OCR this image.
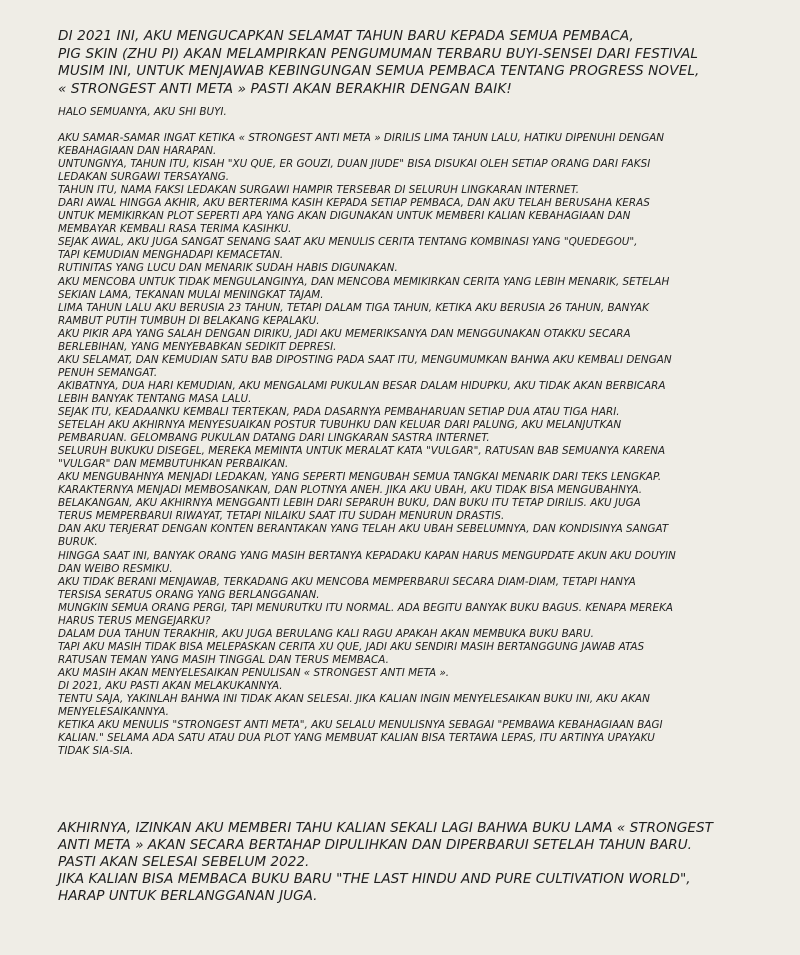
DI 2021 INI, AKU MENGUCAPKAN SELAMAT TAHUN BARU KEPADA SEMUA PEMBACA,

PIG SKIN (ZHU PI) AKAN MELAMPIRKAN PENGUMUMAN TERBARU BUYI-SENSEI DARI FESTIVAL

MUSIM INI, UNTUK MENJAWAB KEBINGUNGAN SEMUA PEMBACA TENTANG PROGRESS NOVEL,

« STRONGEST ANTI META » PASTI AKAN BERAKHIR DENGAN BAIK!

HALO SEMUANYA, AKU SHI BUYI.

AKU SAMAR-SAMAR INGAT KETIKA « STRONGEST ANTI META » DIRILIS LIMA TAHUN LALU, HATIKU DIPENUHI DENGAN

KEBAHAGIAAN DAN HARAPAN.

UNTUNGNYA, TAHUN ITU, KISAH "XU QUE, ER GOUZI, DUAN JIUDE" BISA DISUKAI OLEH SETIAP ORANG DARI FAKSI

LEDAKAN SURGAWI TERSAYANG.

TAHUN ITU, NAMA FAKSI LEDAKAN SURGAWI HAMPIR TERSEBAR DI SELURUH LINGKARAN INTERNET.

DARI AWAL HINGGA AKHIR, AKU BERTERIMA KASIH KEPADA SETIAP PEMBACA, DAN AKU TELAH BERUSAHA KERAS

UNTUK MEMIKIRKAN PLOT SEPERTI APA YANG AKAN DIGUNAKAN UNTUK MEMBERI KALIAN KEBAHAGIAAN DAN

MEMBAYAR KEMBALI RASA TERIMA KASIHKU.

SEJAK AWAL, AKU JUGA SANGAT SENANG SAAT AKU MENULIS CERITA TENTANG KOMBINASI YANG "QUEDEGOU",

TAPI KEMUDIAN MENGHADAPI KEMACETAN.

RUTINITAS YANG LUCU DAN MENARIK SUDAH HABIS DIGUNAKAN.

AKU MENCOBA UNTUK TIDAK MENGULANGINYA, DAN MENCOBA MEMIKIRKAN CERITA YANG LEBIH MENARIK, SETELAH

SEKIAN LAMA, TEKANAN MULAI MENINGKAT TAJAM.

LIMA TAHUN LALU AKU BERUSIA 23 TAHUN, TETAPI DALAM TIGA TAHUN, KETIKA AKU BERUSIA 26 TAHUN, BANYAK

RAMBUT PUTIH TUMBUH DI BELAKANG KEPALAKU.

AKU PIKIR APA YANG SALAH DENGAN DIRIKU, JADI AKU MEMERIKSANYA DAN MENGGUNAKAN OTAKKU SECARA

BERLEBIHAN, YANG MENYEBABKAN SEDIKIT DEPRESI.

AKU SELAMAT, DAN KEMUDIAN SATU BAB DIPOSTING PADA SAAT ITU, MENGUMUMKAN BAHWA AKU KEMBALI DENGAN

PENUH SEMANGAT.

AKIBATNYA, DUA HARI KEMUDIAN, AKU MENGALAMI PUKULAN BESAR DALAM HIDUPKU, AKU TIDAK AKAN BERBICARA

LEBIH BANYAK TENTANG MASA LALU.

SEJAK ITU, KEADAANKU KEMBALI TERTEKAN, PADA DASARNYA PEMBAHARUAN SETIAP DUA ATAU TIGA HARI.

SETELAH AKU AKHIRNYA MENYESUAIKAN POSTUR TUBUHKU DAN KELUAR DARI PALUNG, AKU MELANJUTKAN

PEMBARUAN. GELOMBANG PUKULAN DATANG DARI LINGKARAN SASTRA INTERNET.

SELURUH BUKUKU DISEGEL, MEREKA MEMINTA UNTUK MERALAT KATA "VULGAR", RATUSAN BAB SEMUANYA KARENA

"VULGAR" DAN MEMBUTUHKAN PERBAIKAN.

AKU MENGUBAHNYA MENJADI LEDAKAN, YANG SEPERTI MENGUBAH SEMUA TANGKAI MENARIK DARI TEKS LENGKAP.

KARAKTERNYA MENJADI MEMBOSANKAN, DAN PLOTNYA ANEH. JIKA AKU UBAH, AKU TIDAK BISA MENGUBAHNYA.

BELAKANGAN, AKU AKHIRNYA MENGGANTI LEBIH DARI SEPARUH BUKU, DAN BUKU ITU TETAP DIRILIS. AKU JUGA

TERUS MEMPERBARUI RIWAYAT, TETAPI NILAIKU SAAT ITU SUDAH MENURUN DRASTIS.

DAN AKU TERJERAT DENGAN KONTEN BERANTAKAN YANG TELAH AKU UBAH SEBELUMNYA, DAN KONDISINYA SANGAT

BURUK.

HINGGA SAAT INI, BANYAK ORANG YANG MASIH BERTANYA KEPADAKU KAPAN HARUS MENGUPDATE AKUN AKU DOUYIN

DAN WEIBO RESMIKU.

AKU TIDAK BERANI MENJAWAB, TERKADANG AKU MENCOBA MEMPERBARUI SECARA DIAM-DIAM, TETAPI HANYA

TERSISA SERATUS ORANG YANG BERLANGGANAN.

MUNGKIN SEMUA ORANG PERGI, TAPI MENURUTKU ITU NORMAL. ADA BEGITU BANYAK BUKU BAGUS. KENAPA MEREKA

HARUS TERUS MENGEJARKU?

DALAM DUA TAHUN TERAKHIR, AKU JUGA BERULANG KALI RAGU APAKAH AKAN MEMBUKA BUKU BARU.

TAPI AKU MASIH TIDAK BISA MELEPASKAN CERITA XU QUE, JADI AKU SENDIRI MASIH BERTANGGUNG JAWAB ATAS

RATUSAN TEMAN YANG MASIH TINGGAL DAN TERUS MEMBACA.

AKU MASIH AKAN MENYELESAIKAN PENULISAN « STRONGEST ANTI META ».

DI 2021, AKU PASTI AKAN MELAKUKANNYA.

TENTU SAJA, YAKINLAH BAHWA INI TIDAK AKAN SELESAI. JIKA KALIAN INGIN MENYELESAIKAN BUKU INI, AKU AKAN

MENYELESAIKANNYA.

KETIKA AKU MENULIS "STRONGEST ANTI META", AKU SELALU MENULISNYA SEBAGAI "PEMBAWA KEBAHAGIAAN BAGI

KALIAN." SELAMA ADA SATU ATAU DUA PLOT YANG MEMBUAT KALIAN BISA TERTAWA LEPAS, ITU ARTINYA UPAYAKU

TIDAK SIA-SIA.

AKHIRNYA, IZINKAN AKU MEMBERI TAHU KALIAN SEKALI LAGI BAHWA BUKU LAMA « STRONGEST

ANTI META » AKAN SECARA BERTAHAP DIPULIHKAN DAN DIPERBARUI SETELAH TAHUN BARU.

PASTI AKAN SELESAI SEBELUM 2022.

JIKA KALIAN BISA MEMBACA BUKU BARU "THE LAST HINDU AND PURE CULTIVATION WORLD",

HARAP UNTUK BERLANGGANAN JUGA.
